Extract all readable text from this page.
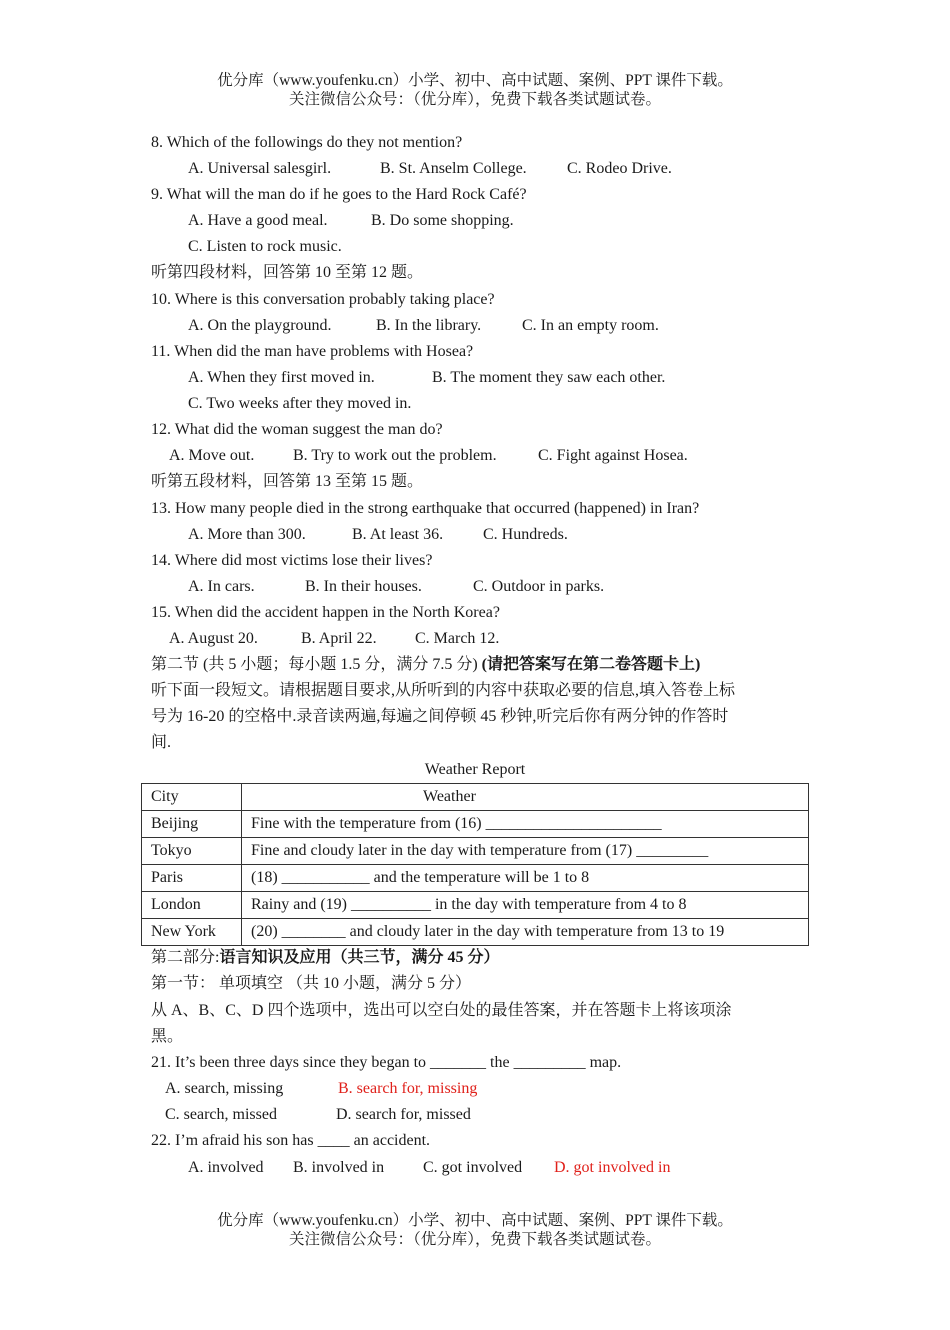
优分库（www.youfenku.cn）小学、初中、高中试题、案例、PPT 课件下载。
关注微信公众号：（优分库），免费下载各类试题试卷。
8. Which of the followings do they not mention?
A. Universal salesgirl.	B. St. Anselm College.	C. Rodeo Drive.
9. What will the man do if he goes to the Hard Rock Café?
A. Have a good meal.	B. Do some shopping.
C. Listen to rock music.
听第四段材料，回答第 10 至第 12 题。
10. Where is this conversation probably taking place?
A. On the playground.	B. In the library.	C. In an empty room.
11. When did the man have problems with Hosea?
A. When they first moved in.	B. The moment they saw each other.
C. Two weeks after they moved in.
12. What did the woman suggest the man do?
A. Move out. B. Try to work out the problem.	C. Fight against Hosea.
听第五段材料，回答第 13 至第 15 题。
13. How many people died in the strong earthquake that occurred (happened) in Iran?
A. More than 300.	B. At least 36. C. Hundreds.
14. Where did most victims lose their lives?
A. In cars.	B. In their houses.	C. Outdoor in parks.
15. When did the accident happen in the North Korea?
A. August 20.	B. April 22. C. March 12.
第二节 (共 5 小题；每小题 1.5 分，满分 7.5 分) (请把答案写在第二卷答题卡上)
听下面一段短文。请根据题目要求,从所听到的内容中获取必要的信息,填入答卷上标
号为 16-20 的空格中.录音读两遍,每遍之间停顿 45 秒钟,听完后你有两分钟的作答时
间.
Weather Report
City	Weather
Beijing	Fine with the temperature from (16) ______________________
Tokyo	Fine and cloudy later in the day with temperature from (17) _________
Paris	(18) ___________ and the temperature will be 1 to 8
London	Rainy and (19) __________ in the day with temperature from 4 to 8
New York	(20) ________ and cloudy later in the day with temperature from 13 to 19
第二部分:语言知识及应用（共三节，满分 45 分）
第一节： 单项填空 （共 10 小题，满分 5 分）
从 A、B、C、D 四个选项中，选出可以空白处的最佳答案，并在答题卡上将该项涂
黑。
21. It’s been three days since they began to _______ the _________ map.
A. search, missing	B. search for, missing
C. search, missed	D. search for, missed
22. I’m afraid his son has ____ an accident.
A. involved B. involved in C. got involved D. got involved in
优分库（www.youfenku.cn）小学、初中、高中试题、案例、PPT 课件下载。
关注微信公众号：（优分库），免费下载各类试题试卷。
